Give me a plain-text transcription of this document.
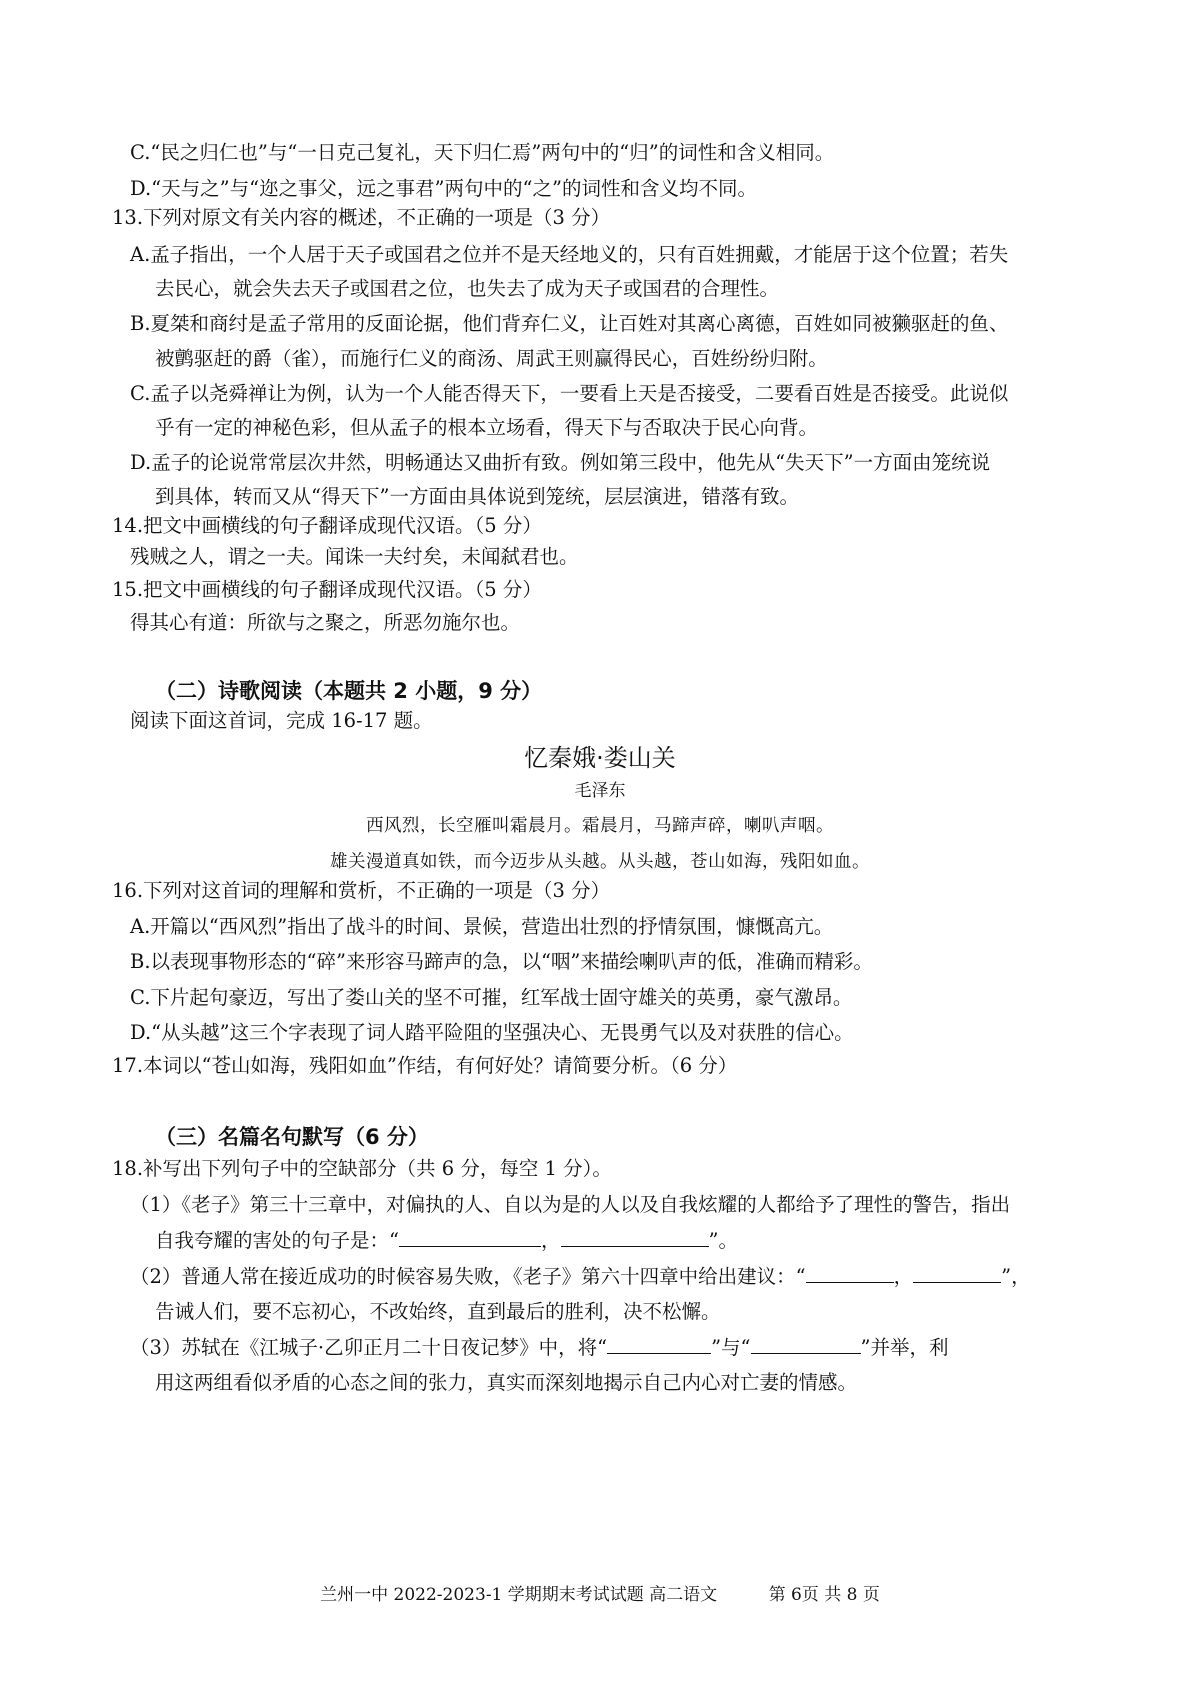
C.“民之归仁也”与“一日克己复礼，天下归仁焉”两句中的“归”的词性和含义相同。
D.“天与之”与“迩之事父，远之事君”两句中的“之”的词性和含义均不同。
13.下列对原文有关内容的概述，不正确的一项是（3 分）
A.孟子指出，一个人居于天子或国君之位并不是天经地义的，只有百姓拥戴，才能居于这个位置；若失
去民心，就会失去天子或国君之位，也失去了成为天子或国君的合理性。
B.夏桀和商纣是孟子常用的反面论据，他们背弃仁义，让百姓对其离心离德，百姓如同被獭驱赶的鱼、
被鹯驱赶的爵（雀），而施行仁义的商汤、周武王则赢得民心，百姓纷纷归附。
C.孟子以尧舜禅让为例，认为一个人能否得天下，一要看上天是否接受，二要看百姓是否接受。此说似
乎有一定的神秘色彩，但从孟子的根本立场看，得天下与否取决于民心向背。
D.孟子的论说常常层次井然，明畅通达又曲折有致。例如第三段中，他先从“失天下”一方面由笼统说
到具体，转而又从“得天下”一方面由具体说到笼统，层层演进，错落有致。
14.把文中画横线的句子翻译成现代汉语。（5 分）
残贼之人，谓之一夫。闻诛一夫纣矣，未闻弑君也。
15.把文中画横线的句子翻译成现代汉语。（5 分）
得其心有道：所欲与之聚之，所恶勿施尔也。
（二）诗歌阅读（本题共 2 小题，9 分）
阅读下面这首词，完成 16-17 题。
忆秦娥·娄山关
毛泽东
西风烈，长空雁叫霜晨月。霜晨月，马蹄声碎，喇叭声咽。
雄关漫道真如铁，而今迈步从头越。从头越，苍山如海，残阳如血。
16.下列对这首词的理解和赏析，不正确的一项是（3 分）
A.开篇以“西风烈”指出了战斗的时间、景候，营造出壮烈的抒情氛围，慷慨高亢。
B.以表现事物形态的“碎”来形容马蹄声的急，以“咽”来描绘喇叭声的低，准确而精彩。
C.下片起句豪迈，写出了娄山关的坚不可摧，红军战士固守雄关的英勇，豪气激昂。
D.“从头越”这三个字表现了词人踏平险阻的坚强决心、无畏勇气以及对获胜的信心。
17.本词以“苍山如海，残阳如血”作结，有何好处？请简要分析。（6 分）
（三）名篇名句默写（6 分）
18.补写出下列句子中的空缺部分（共 6 分，每空 1 分）。
（1）《老子》第三十三章中，对偏执的人、自以为是的人以及自我炫耀的人都给予了理性的警告，指出
自我夸耀的害处的句子是：“	，	”。
（2）普通人常在接近成功的时候容易失败，《老子》第六十四章中给出建议：“	，	”，
告诫人们，要不忘初心，不改始终，直到最后的胜利，决不松懈。
（3）苏轼在《江城子·乙卯正月二十日夜记梦》中，将“	”与“	”并举，利
用这两组看似矛盾的心态之间的张力，真实而深刻地揭示自己内心对亡妻的情感。
兰州一中 2022-2023-1 学期期末考试试题 高二语文	第 6页 共 8 页
